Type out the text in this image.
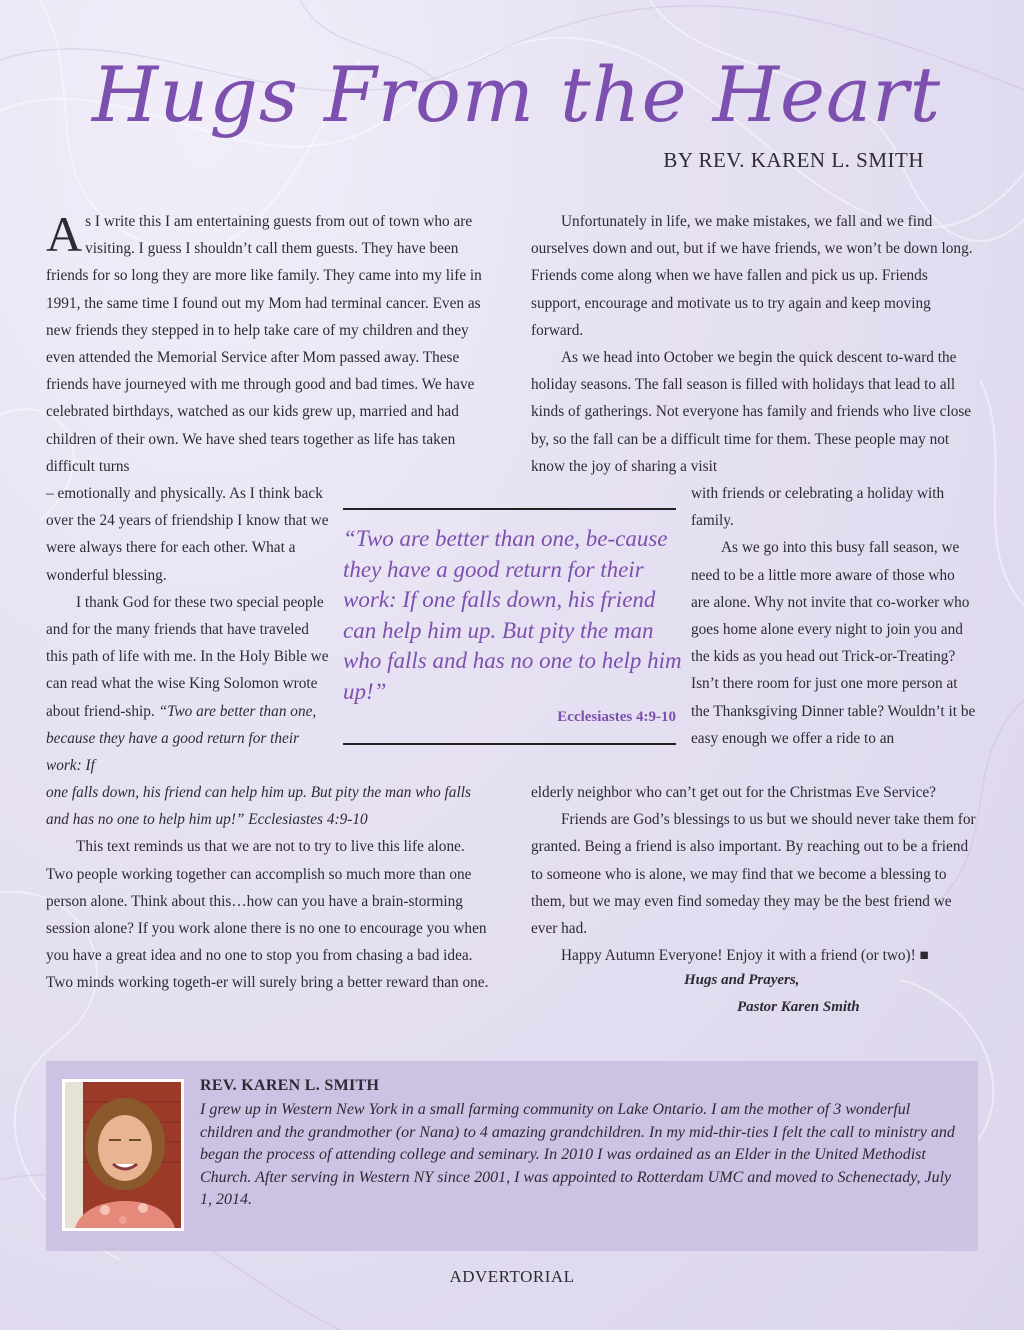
Hugs From the Heart
BY REV. KAREN L. SMITH

As I write this I am entertaining guests from out of town who are visiting. I guess I shouldn’t call them guests. They have been friends for so long they are more like family. They came into my life in 1991, the same time I found out my Mom had terminal cancer. Even as new friends they stepped in to help take care of my children and they even attended the Memorial Service after Mom passed away. These friends have journeyed with me through good and bad times. We have celebrated birthdays, watched as our kids grew up, married and had children of their own. We have shed tears together as life has taken difficult turns

– emotionally and physically. As I think back over the 24 years of friendship I know that we were always there for each other. What a wonderful blessing.

I thank God for these two special people and for the many friends that have traveled this path of life with me. In the Holy Bible we can read what the wise King Solomon wrote about friend-ship. “Two are better than one, because they have a good return for their work: If

one falls down, his friend can help him up. But pity the man who falls and has no one to help him up!” Ecclesiastes 4:9-10

This text reminds us that we are not to try to live this life alone. Two people working together can accomplish so much more than one person alone. Think about this…how can you have a brain-storming session alone? If you work alone there is no one to encourage you when you have a great idea and no one to stop you from chasing a bad idea. Two minds working togeth-er will surely bring a better reward than one.

Unfortunately in life, we make mistakes, we fall and we find ourselves down and out, but if we have friends, we won’t be down long. Friends come along when we have fallen and pick us up. Friends support, encourage and motivate us to try again and keep moving forward.

As we head into October we begin the quick descent to-ward the holiday seasons. The fall season is filled with holidays that lead to all kinds of gatherings. Not everyone has family and friends who live close by, so the fall can be a difficult time for them. These people may not know the joy of sharing a visit

with friends or celebrating a holiday with family.

As we go into this busy fall season, we need to be a little more aware of those who are alone. Why not invite that co-worker who goes home alone every night to join you and the kids as you head out Trick-or-Treating? Isn’t there room for just one more person at the Thanksgiving Dinner table? Wouldn’t it be easy enough we offer a ride to an

elderly neighbor who can’t get out for the Christmas Eve Service?

Friends are God’s blessings to us but we should never take them for granted. Being a friend is also important. By reaching out to be a friend to someone who is alone, we may find that we become a blessing to them, but we may even find someday they may be the best friend we ever had.

Happy Autumn Everyone! Enjoy it with a friend (or two)! ■

Hugs and Prayers,
Pastor Karen Smith
“Two are better than one, be-cause they have a good return for their work: If one falls down, his friend can help him up. But pity the man who falls and has no one to help him up!”
Ecclesiastes 4:9-10
REV. KAREN L. SMITH

I grew up in Western New York in a small farming community on Lake Ontario. I am the mother of 3 wonderful children and the grandmother (or Nana) to 4 amazing grandchildren. In my mid-thir-ties I felt the call to ministry and began the process of attending college and seminary. In 2010 I was ordained as an Elder in the United Methodist Church. After serving in Western NY since 2001, I was appointed to Rotterdam UMC and moved to Schenectady, July 1, 2014.

ADVERTORIAL
